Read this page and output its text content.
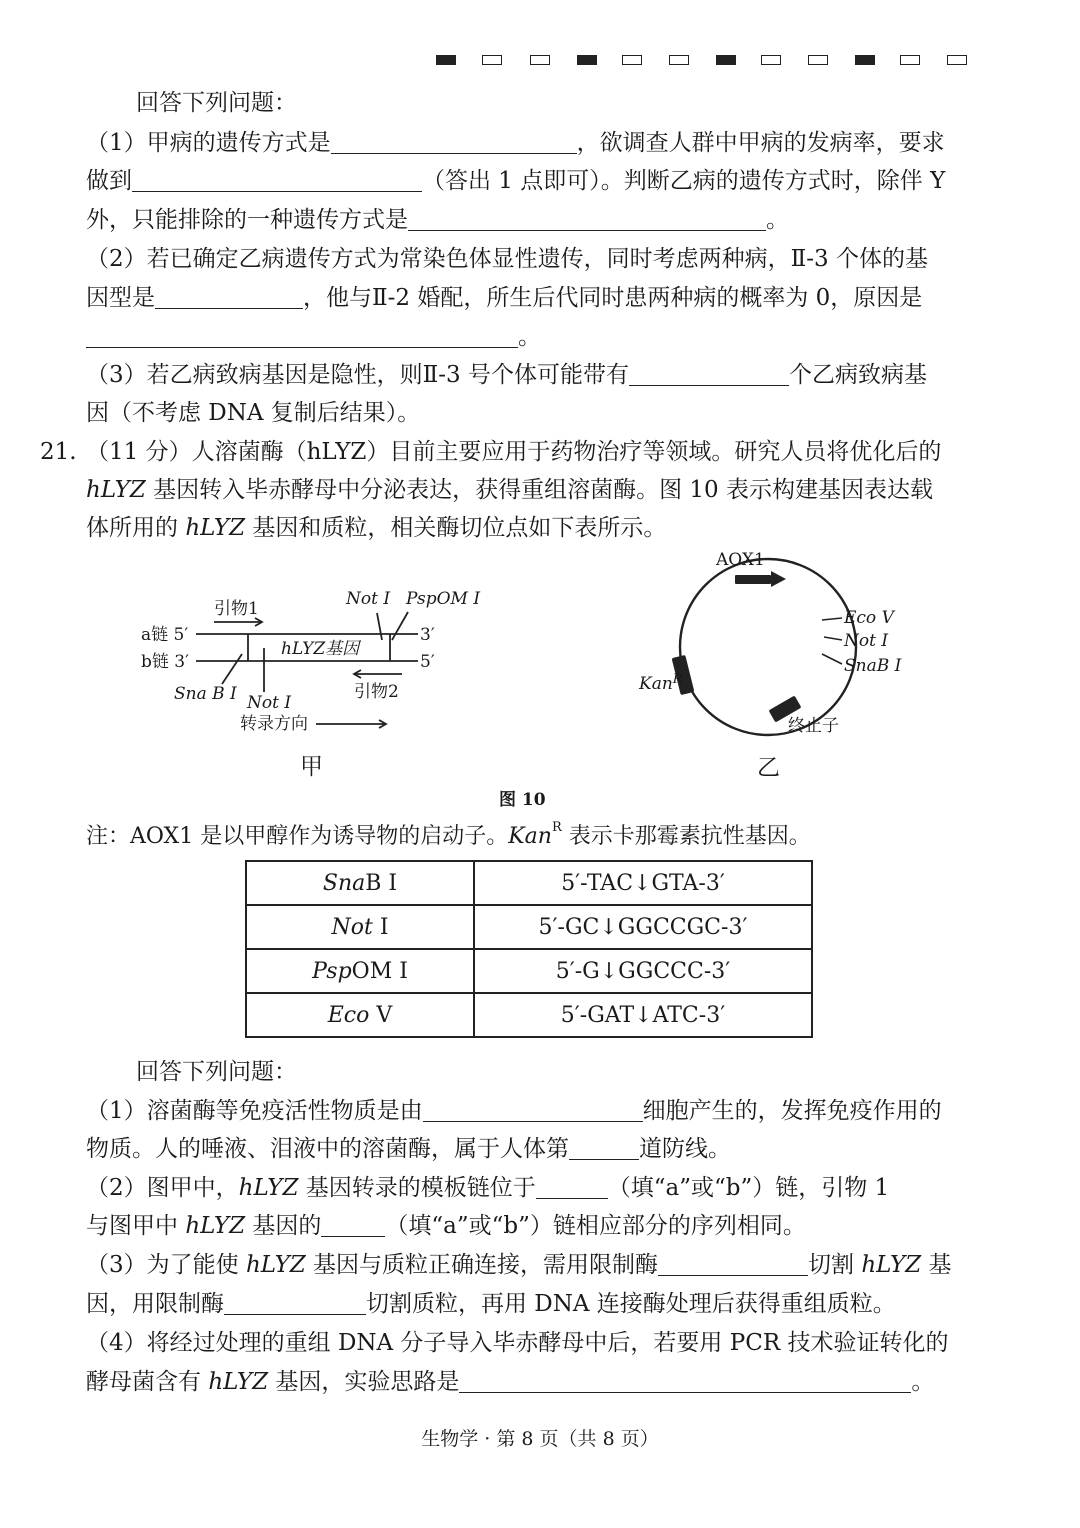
回答下列问题：
（1）甲病的遗传方式是	，欲调查人群中甲病的发病率，要求
做到	（答出 1 点即可）。判断乙病的遗传方式时，除伴 Y
外，只能排除的一种遗传方式是	。
（2）若已确定乙病遗传方式为常染色体显性遗传，同时考虑两种病，Ⅱ-3 个体的基
因型是	，他与Ⅱ-2 婚配，所生后代同时患两种病的概率为 0，原因是
。
（3）若乙病致病基因是隐性，则Ⅱ-3 号个体可能带有	个乙病致病基
因（不考虑 DNA 复制后结果）。
21. （11 分）人溶菌酶（hLYZ）目前主要应用于药物治疗等领域。研究人员将优化后的
hLYZ 基因转入毕赤酵母中分泌表达，获得重组溶菌酶。图 10 表示构建基因表达载
体所用的 hLYZ 基因和质粒，相关酶切位点如下表所示。
引物1	Not Ⅰ PspOM Ⅰ
a链 5′
b链 3′
3′
5′
hLYZ基因
引物2
Sna B Ⅰ Not Ⅰ
转录方向
甲
AOX1
Eco Ⅴ
Not Ⅰ
SnaB Ⅰ
Kan$^R$
终止子
乙
图 10
注：AOX1 是以甲醇作为诱导物的启动子。Kan$^R$ 表示卡那霉素抗性基因。
SnaB Ⅰ	5′-TAC↓GTA-3′
Not Ⅰ	5′-GC↓GGCCGC-3′
PspOM Ⅰ	5′-G↓GGCCC-3′
Eco Ⅴ	5′-GAT↓ATC-3′
回答下列问题：
（1）溶菌酶等免疫活性物质是由	细胞产生的，发挥免疫作用的
物质。人的唾液、泪液中的溶菌酶，属于人体第	道防线。
（2）图甲中，hLYZ 基因转录的模板链位于	（填“a”或“b”）链，引物 1
与图甲中 hLYZ 基因的	（填“a”或“b”）链相应部分的序列相同。
（3）为了能使 hLYZ 基因与质粒正确连接，需用限制酶	切割 hLYZ 基
因，用限制酶	切割质粒，再用 DNA 连接酶处理后获得重组质粒。
（4）将经过处理的重组 DNA 分子导入毕赤酵母中后，若要用 PCR 技术验证转化的
酵母菌含有 hLYZ 基因，实验思路是	。
生物学 · 第 8 页（共 8 页）
